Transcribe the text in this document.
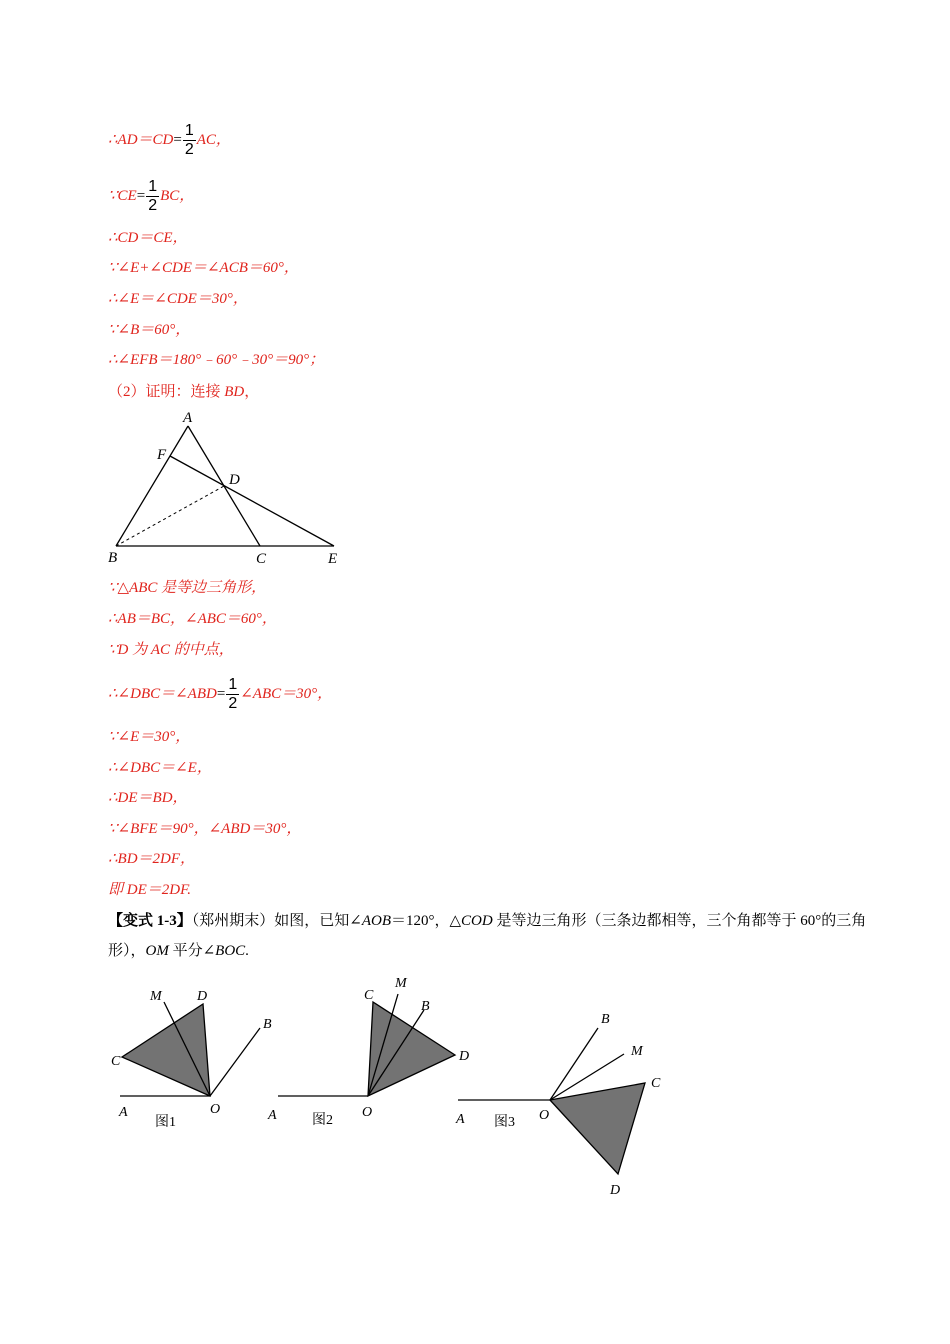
∴AD＝CD= $\frac{1}{2}$ AC，
∵CE= $\frac{1}{2}$ BC，
∴CD＝CE，
∵∠E+∠CDE＝∠ACB＝60°，
∴∠E＝∠CDE＝30°，
∵∠B＝60°，
∴∠EFB＝180°﹣60°﹣30°＝90°；
（2）证明：连接 BD，
A
F
D
B	C	E
∵△ABC 是等边三角形，
∴AB＝BC，∠ABC＝60°，
∵D 为 AC 的中点，
∴∠DBC＝∠ABD= $\frac{1}{2}$ ∠ABC＝30°，
∵∠E＝30°，
∴∠DBC＝∠E，
∴DE＝BD，
∵∠BFE＝90°，∠ABD＝30°，
∴BD＝2DF，
即 DE＝2DF.
【变式 1-3】（郑州期末）如图，已知∠AOB＝120°，△COD 是等边三角形（三条边都相等，三个角都等于 60°的三角形），OM 平分∠BOC.
M	D
B
C
A	O
图1
C
M
B
D
A	O
图2
B
M
C
D
A	O
图3
